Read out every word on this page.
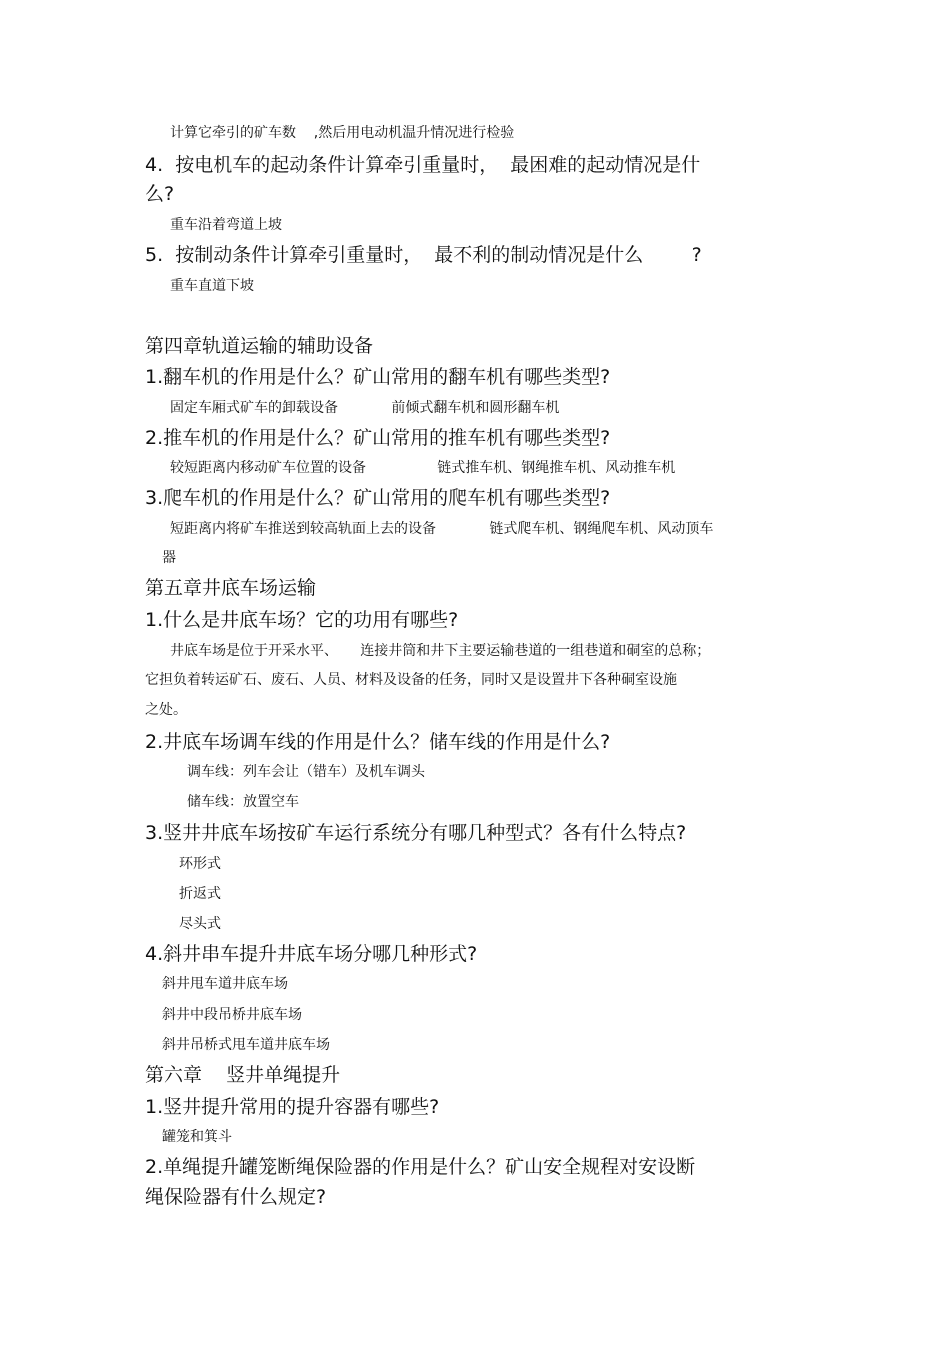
计算它牵引的矿车数    ,然后用电动机温升情况进行检验
4.  按电机车的起动条件计算牵引重量时，  最困难的起动情况是什
么?
重车沿着弯道上坡
5.  按制动条件计算牵引重量时，  最不利的制动情况是什么        ?
重车直道下坡
第四章轨道运输的辅助设备
1.翻车机的作用是什么？矿山常用的翻车机有哪些类型?
固定车厢式矿车的卸载设备            前倾式翻车机和圆形翻车机
2.推车机的作用是什么？矿山常用的推车机有哪些类型?
较短距离内移动矿车位置的设备                链式推车机、钢绳推车机、风动推车机
3.爬车机的作用是什么？矿山常用的爬车机有哪些类型?
短距离内将矿车推送到较高轨面上去的设备            链式爬车机、钢绳爬车机、风动顶车
器
第五章井底车场运输
1.什么是井底车场？它的功用有哪些?
井底车场是位于开采水平、     连接井筒和井下主要运输巷道的一组巷道和硐室的总称；
它担负着转运矿石、废石、人员、材料及设备的任务，同时又是设置井下各种硐室设施
之处。
2.井底车场调车线的作用是什么？储车线的作用是什么?
调车线：列车会让（错车）及机车调头
储车线：放置空车
3.竖井井底车场按矿车运行系统分有哪几种型式？各有什么特点?
环形式
折返式
尽头式
4.斜井串车提升井底车场分哪几种形式?
斜井甩车道井底车场
斜井中段吊桥井底车场
斜井吊桥式甩车道井底车场
第六章    竖井单绳提升
1.竖井提升常用的提升容器有哪些?
罐笼和箕斗
2.单绳提升罐笼断绳保险器的作用是什么？矿山安全规程对安设断
绳保险器有什么规定?
